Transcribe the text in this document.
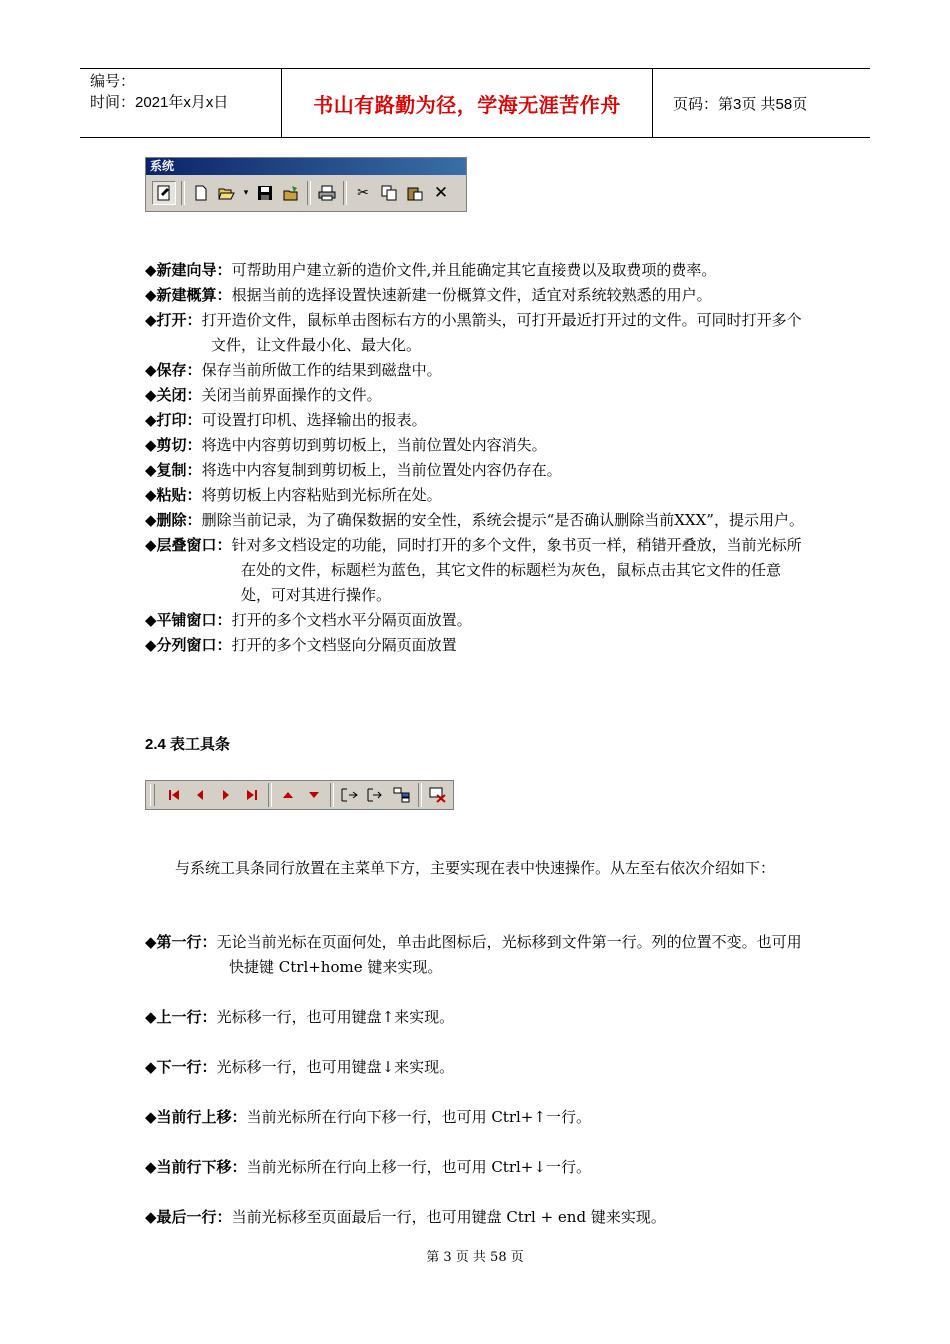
编号：
时间：2021年x月x日	书山有路勤为径，学海无涯苦作舟	页码：第3页 共58页
系统
▾	✂	✕
◆新建向导：可帮助用户建立新的造价文件,并且能确定其它直接费以及取费项的费率。
◆新建概算：根据当前的选择设置快速新建一份概算文件，适宜对系统较熟悉的用户。
◆打开：打开造价文件，鼠标单击图标右方的小黑箭头，可打开最近打开过的文件。可同时打开多个文件，让文件最小化、最大化。
◆保存：保存当前所做工作的结果到磁盘中。
◆关闭：关闭当前界面操作的文件。
◆打印：可设置打印机、选择输出的报表。
◆剪切：将选中内容剪切到剪切板上，当前位置处内容消失。
◆复制：将选中内容复制到剪切板上，当前位置处内容仍存在。
◆粘贴：将剪切板上内容粘贴到光标所在处。
◆删除：删除当前记录，为了确保数据的安全性，系统会提示“是否确认删除当前XXX”，提示用户。
◆层叠窗口：针对多文档设定的功能，同时打开的多个文件，象书页一样，稍错开叠放，当前光标所在处的文件，标题栏为蓝色，其它文件的标题栏为灰色，鼠标点击其它文件的任意处，可对其进行操作。
◆平铺窗口：打开的多个文档水平分隔页面放置。
◆分列窗口：打开的多个文档竖向分隔页面放置
2.4 表工具条
与系统工具条同行放置在主菜单下方，主要实现在表中快速操作。从左至右依次介绍如下：
◆第一行：无论当前光标在页面何处，单击此图标后，光标移到文件第一行。列的位置不变。也可用快捷键 Ctrl+home 键来实现。
◆上一行：光标移一行，也可用键盘↑来实现。
◆下一行：光标移一行，也可用键盘↓来实现。
◆当前行上移：当前光标所在行向下移一行，也可用 Ctrl+↑一行。
◆当前行下移：当前光标所在行向上移一行，也可用 Ctrl+↓一行。
◆最后一行：当前光标移至页面最后一行，也可用键盘 Ctrl + end 键来实现。
第 3 页 共 58 页
